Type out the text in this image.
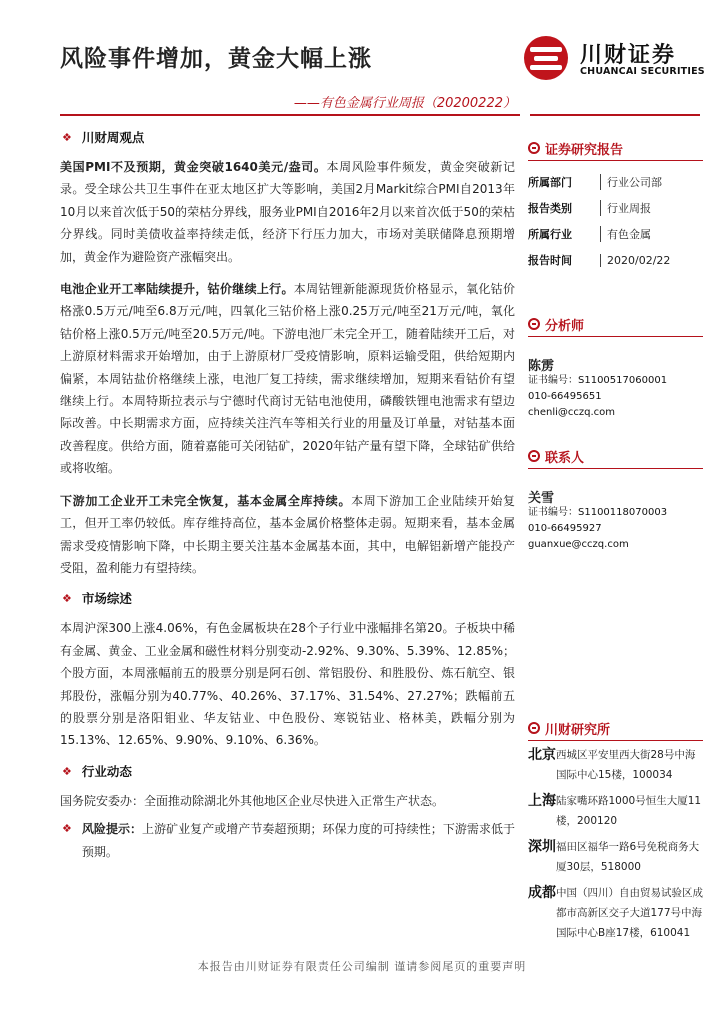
风险事件增加，黄金大幅上涨	川财证券
CHUANCAI SECURITIES
——有色金属行业周报（20200222）
❖ 川财周观点

美国PMI不及预期，黄金突破1640美元/盎司。本周风险事件频发，黄金突破新记录。受全球公共卫生事件在亚太地区扩大等影响，美国2月Markit综合PMI自2013年10月以来首次低于50的荣枯分界线，服务业PMI自2016年2月以来首次低于50的荣枯分界线。同时美债收益率持续走低，经济下行压力加大，市场对美联储降息预期增加，黄金作为避险资产涨幅突出。

电池企业开工率陆续提升，钴价继续上行。本周钴锂新能源现货价格显示，氧化钴价格涨0.5万元/吨至6.8万元/吨，四氧化三钴价格上涨0.25万元/吨至21万元/吨，氧化钴价格上涨0.5万元/吨至20.5万元/吨。下游电池厂未完全开工，随着陆续开工后，对上游原材料需求开始增加，由于上游原材厂受疫情影响，原料运输受阻，供给短期内偏紧，本周钴盐价格继续上涨，电池厂复工持续，需求继续增加，短期来看钴价有望继续上行。本周特斯拉表示与宁德时代商讨无钴电池使用，磷酸铁锂电池需求有望边际改善。中长期需求方面，应持续关注汽车等相关行业的用量及订单量，对钴基本面改善程度。供给方面，随着嘉能可关闭钴矿，2020年钴产量有望下降，全球钴矿供给或将收缩。

下游加工企业开工未完全恢复，基本金属全库持续。本周下游加工企业陆续开始复工，但开工率仍较低。库存维持高位，基本金属价格整体走弱。短期来看，基本金属需求受疫情影响下降，中长期主要关注基本金属基本面，其中，电解铝新增产能投产受阻，盈利能力有望持续。

❖ 市场综述

本周沪深300上涨4.06%，有色金属板块在28个子行业中涨幅排名第20。子板块中稀有金属、黄金、工业金属和磁性材料分别变动-2.92%、9.30%、5.39%、12.85%；个股方面，本周涨幅前五的股票分别是阿石创、常铝股份、和胜股份、炼石航空、银邦股份，涨幅分别为40.77%、40.26%、37.17%、31.54%、27.27%；跌幅前五的股票分别是洛阳钼业、华友钴业、中色股份、寒锐钴业、格林美，跌幅分别为15.13%、12.65%、9.90%、9.10%、6.36%。

❖ 行业动态

国务院安委办：全面推动除湖北外其他地区企业尽快进入正常生产状态。

❖ 风险提示：上游矿业复产或增产节奏超预期；环保力度的可持续性；下游需求低于预期。
证券研究报告
所属部门	行业公司部
报告类别	行业周报
所属行业	有色金属
报告时间	2020/02/22
分析师
陈雳
证书编号：S1100517060001
010-66495651
chenli@cczq.com
联系人
关雪
证书编号：S1100118070003
010-66495927
guanxue@cczq.com
川财研究所
北京 西城区平安里西大街28号中海国际中心15楼，100034
上海 陆家嘴环路1000号恒生大厦11楼，200120
深圳 福田区福华一路6号免税商务大厦30层，518000
成都 中国（四川）自由贸易试验区成都市高新区交子大道177号中海国际中心B座17楼，610041
本报告由川财证券有限责任公司编制 谨请参阅尾页的重要声明
